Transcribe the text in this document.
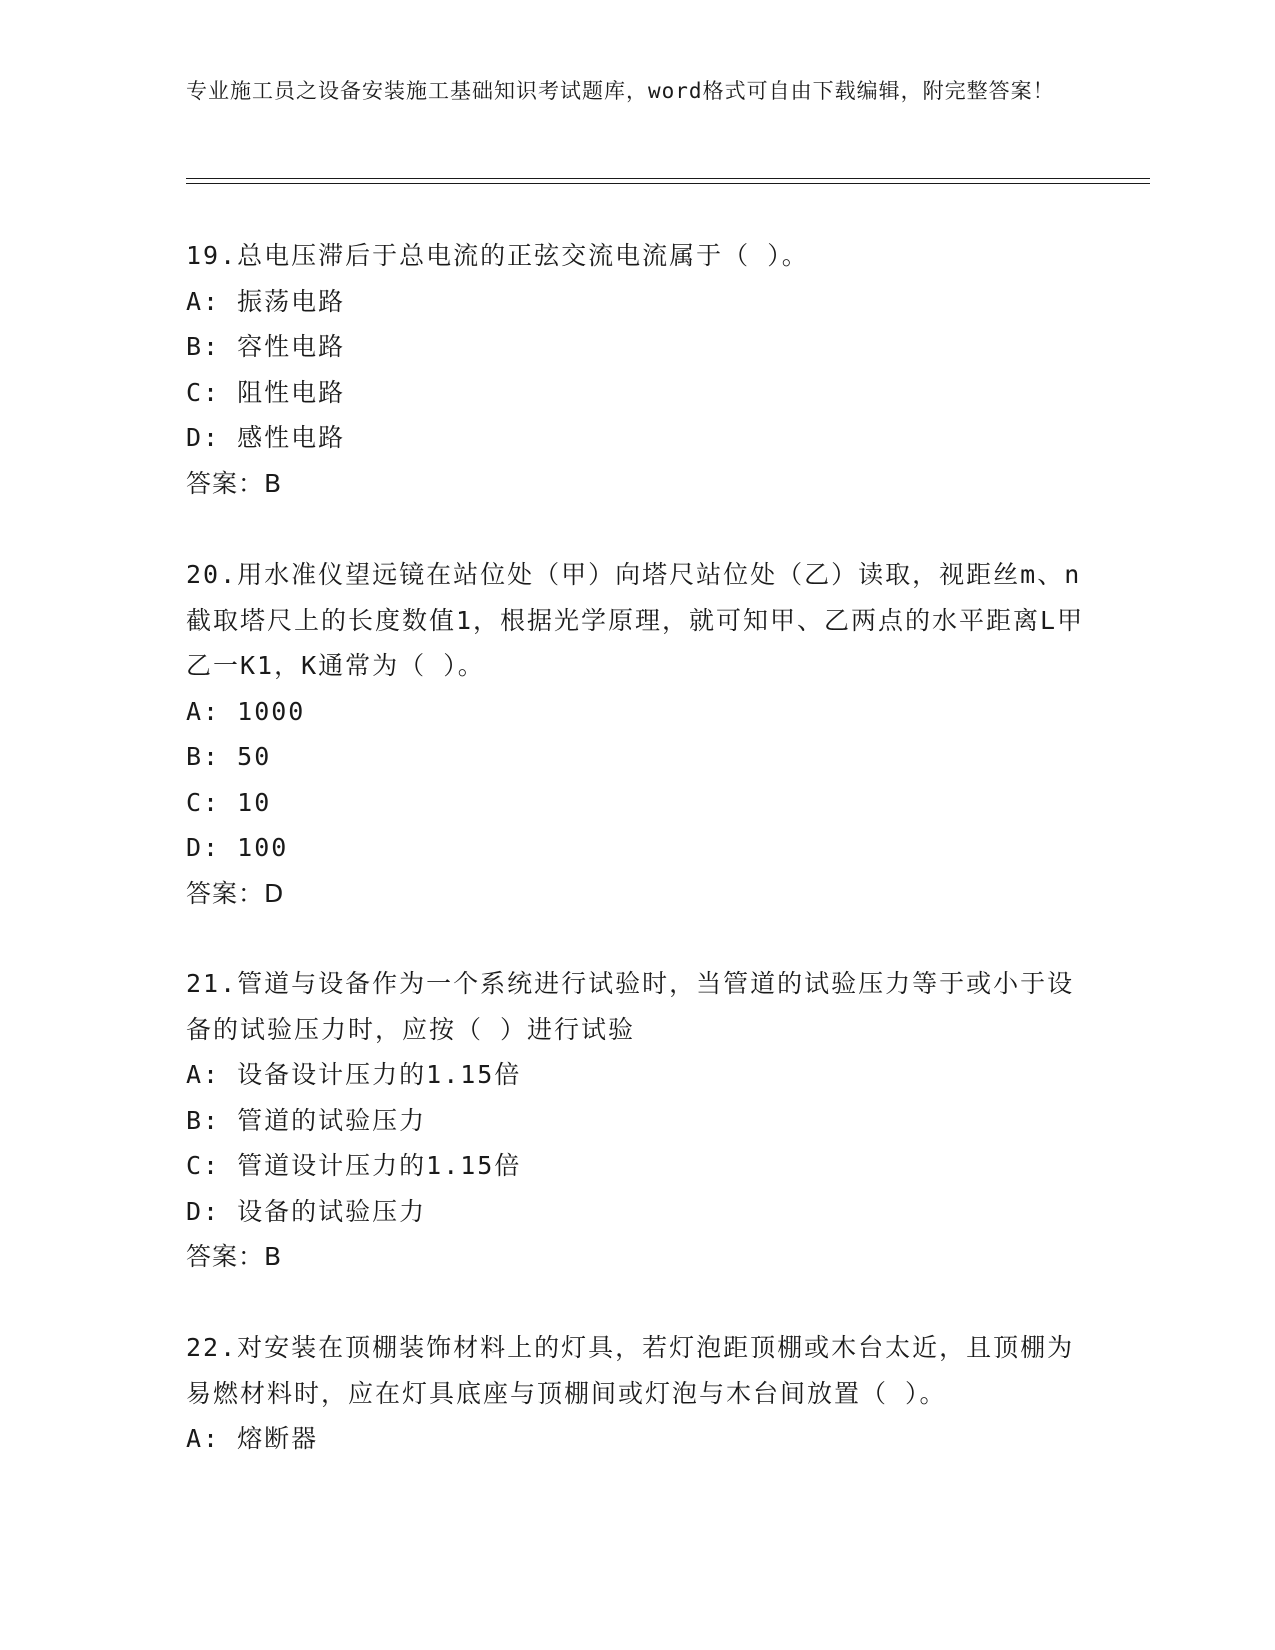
专业施工员之设备安装施工基础知识考试题库，word格式可自由下载编辑，附完整答案！

19.总电压滞后于总电流的正弦交流电流属于（ ）。

A: 振荡电路

B: 容性电路

C: 阻性电路

D: 感性电路

答案：B

20.用水准仪望远镜在站位处（甲）向塔尺站位处（乙）读取，视距丝m、n截取塔尺上的长度数值1，根据光学原理，就可知甲、乙两点的水平距离L甲乙一K1，K通常为（ ）。

A: 1000

B: 50

C: 10

D: 100

答案：D

21.管道与设备作为一个系统进行试验时，当管道的试验压力等于或小于设备的试验压力时，应按（ ）进行试验

A: 设备设计压力的1.15倍

B: 管道的试验压力

C: 管道设计压力的1.15倍

D: 设备的试验压力

答案：B

22.对安装在顶棚装饰材料上的灯具，若灯泡距顶棚或木台太近，且顶棚为易燃材料时，应在灯具底座与顶棚间或灯泡与木台间放置（ ）。

A: 熔断器
